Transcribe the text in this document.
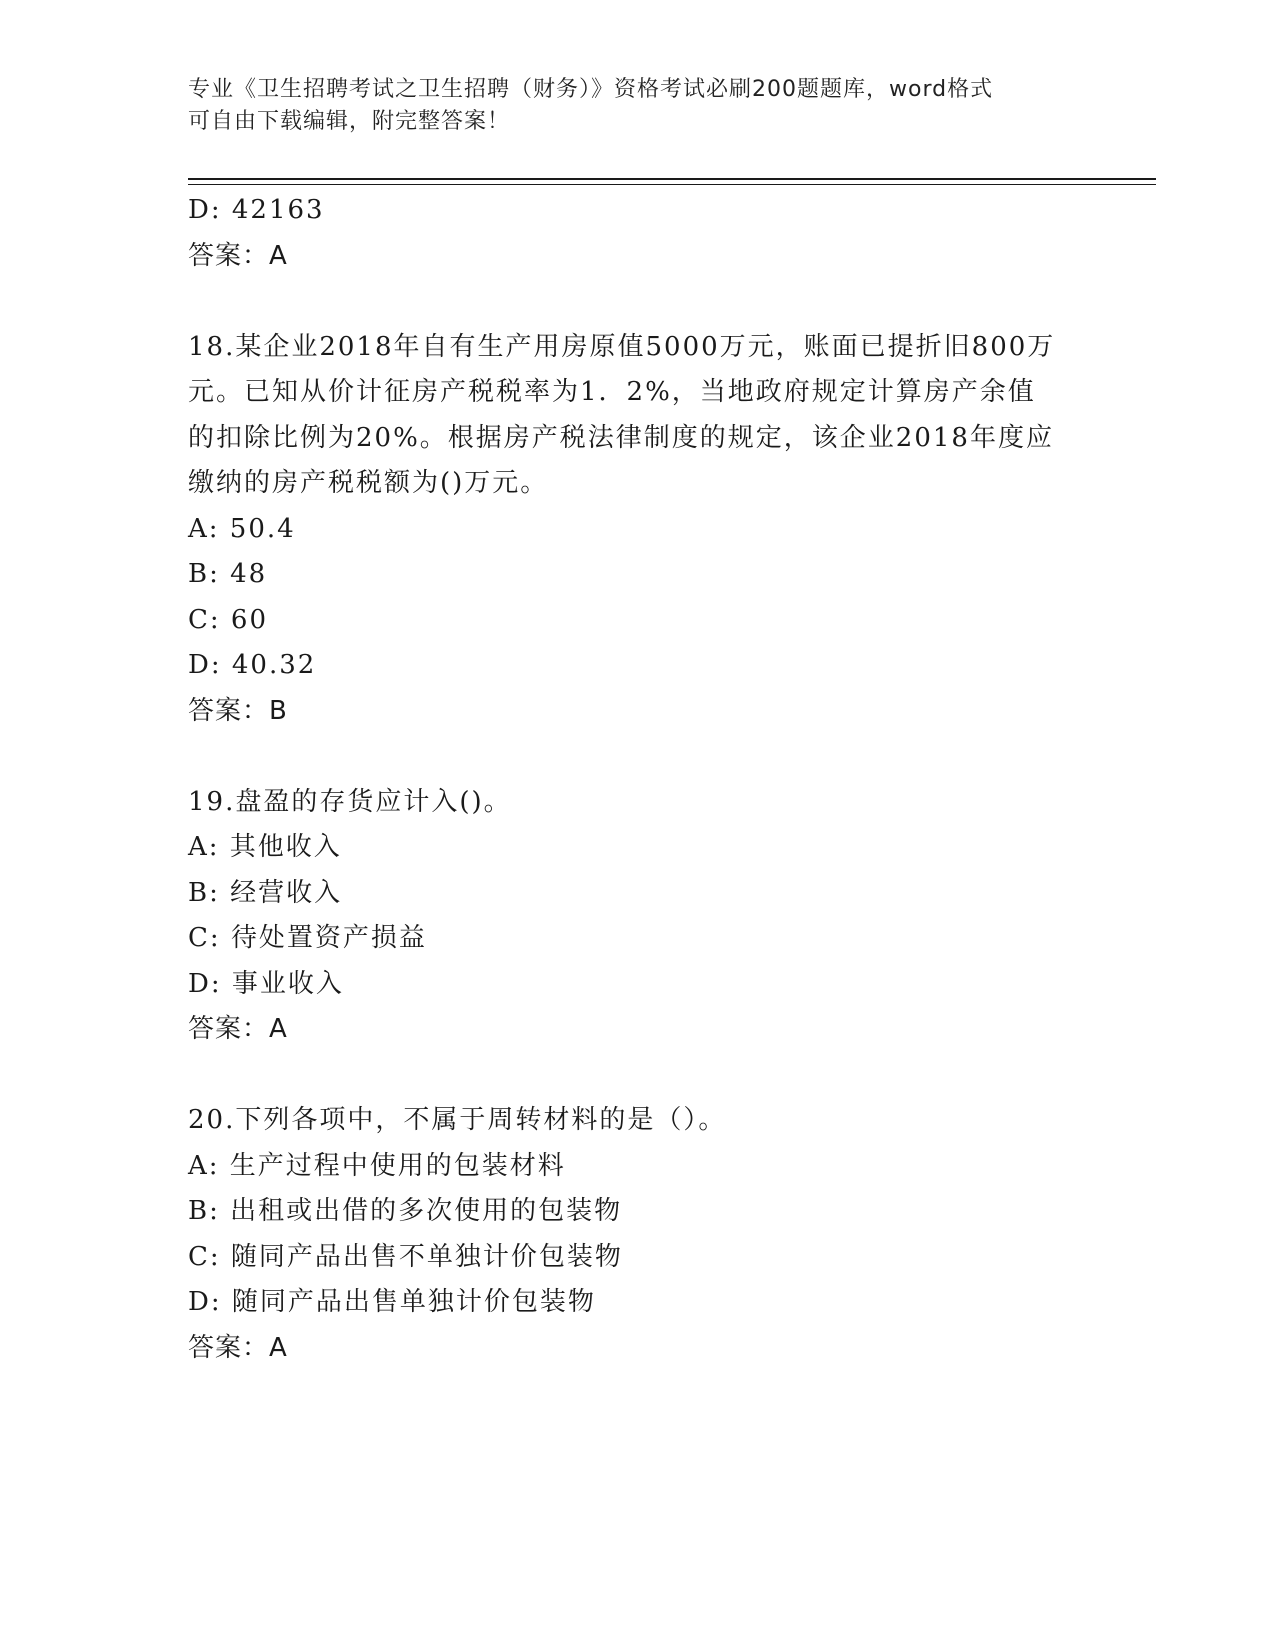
专业《卫生招聘考试之卫生招聘（财务）》资格考试必刷200题题库，word格式
可自由下载编辑，附完整答案！
D: 42163
答案：A
18.某企业2018年自有生产用房原值5000万元，账面已提折旧800万
元。已知从价计征房产税税率为1．2%，当地政府规定计算房产余值
的扣除比例为20%。根据房产税法律制度的规定，该企业2018年度应
缴纳的房产税税额为()万元。
A: 50.4
B: 48
C: 60
D: 40.32
答案：B
19.盘盈的存货应计入()。
A: 其他收入
B: 经营收入
C: 待处置资产损益
D: 事业收入
答案：A
20.下列各项中，不属于周转材料的是（）。
A: 生产过程中使用的包装材料
B: 出租或出借的多次使用的包装物
C: 随同产品出售不单独计价包装物
D: 随同产品出售单独计价包装物
答案：A
